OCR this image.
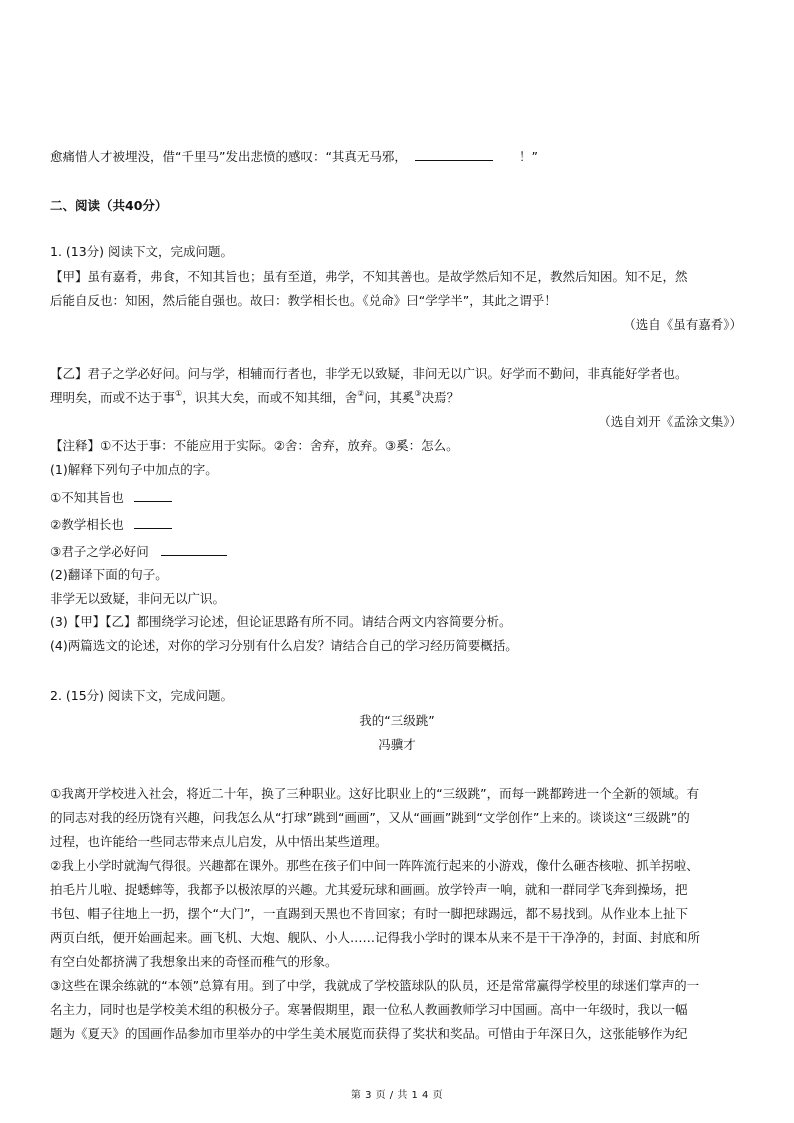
愈痛惜人才被埋没，借“千里马”发出悲愤的感叹：“其真无马邪，	！”
二、阅读（共40分）
1. (13分) 阅读下文，完成问题。
【甲】虽有嘉肴，弗食，不知其旨也；虽有至道，弗学，不知其善也。是故学然后知不足，教然后知困。知不足，然
后能自反也：知困，然后能自强也。故曰：教学相长也。《兑命》曰“学学半”，其此之谓乎！
（选自《虽有嘉肴》）
【乙】君子之学必好问。问与学，相辅而行者也，非学无以致疑，非问无以广识。好学而不勤问，非真能好学者也。
理明矣，而或不达于事①，识其大矣，而或不知其细，舍②问，其奚③决焉？
（选自刘开《孟涂文集》）
【注释】①不达于事：不能应用于实际。②舍：舍弃，放弃。③奚：怎么。
(1)解释下列句子中加点的字。
①不知其旨也
②教学相长也
③君子之学必好问
(2)翻译下面的句子。
非学无以致疑，非问无以广识。
(3)【甲】【乙】都围绕学习论述，但论证思路有所不同。请结合两文内容简要分析。
(4)两篇选文的论述，对你的学习分别有什么启发？请结合自己的学习经历简要概括。
2. (15分) 阅读下文，完成问题。
我的“三级跳”
冯骥才
①我离开学校进入社会，将近二十年，换了三种职业。这好比职业上的“三级跳”，而每一跳都跨进一个全新的领域。有
的同志对我的经历饶有兴趣，问我怎么从“打球”跳到“画画”，又从“画画”跳到“文学创作”上来的。谈谈这“三级跳”的
过程，也许能给一些同志带来点儿启发，从中悟出某些道理。
②我上小学时就淘气得很。兴趣都在课外。那些在孩子们中间一阵阵流行起来的小游戏，像什么砸杏核啦、抓羊拐啦、
拍毛片儿啦、捉蟋蟀等，我都予以极浓厚的兴趣。尤其爱玩球和画画。放学铃声一响，就和一群同学飞奔到操场，把
书包、帽子往地上一扔，摆个“大门”，一直踢到天黑也不肯回家；有时一脚把球踢远，都不易找到。从作业本上扯下
两页白纸，便开始画起来。画飞机、大炮、舰队、小人……记得我小学时的课本从来不是干干净净的，封面、封底和所
有空白处都挤满了我想象出来的奇怪而稚气的形象。
③这些在课余练就的“本领”总算有用。到了中学，我就成了学校篮球队的队员，还是常常赢得学校里的球迷们掌声的一
名主力，同时也是学校美术组的积极分子。寒暑假期里，跟一位私人教画教师学习中国画。高中一年级时，我以一幅
题为《夏天》的国画作品参加市里举办的中学生美术展览而获得了奖状和奖品。可惜由于年深日久，这张能够作为纪
第 3 页 / 共 1 4 页
